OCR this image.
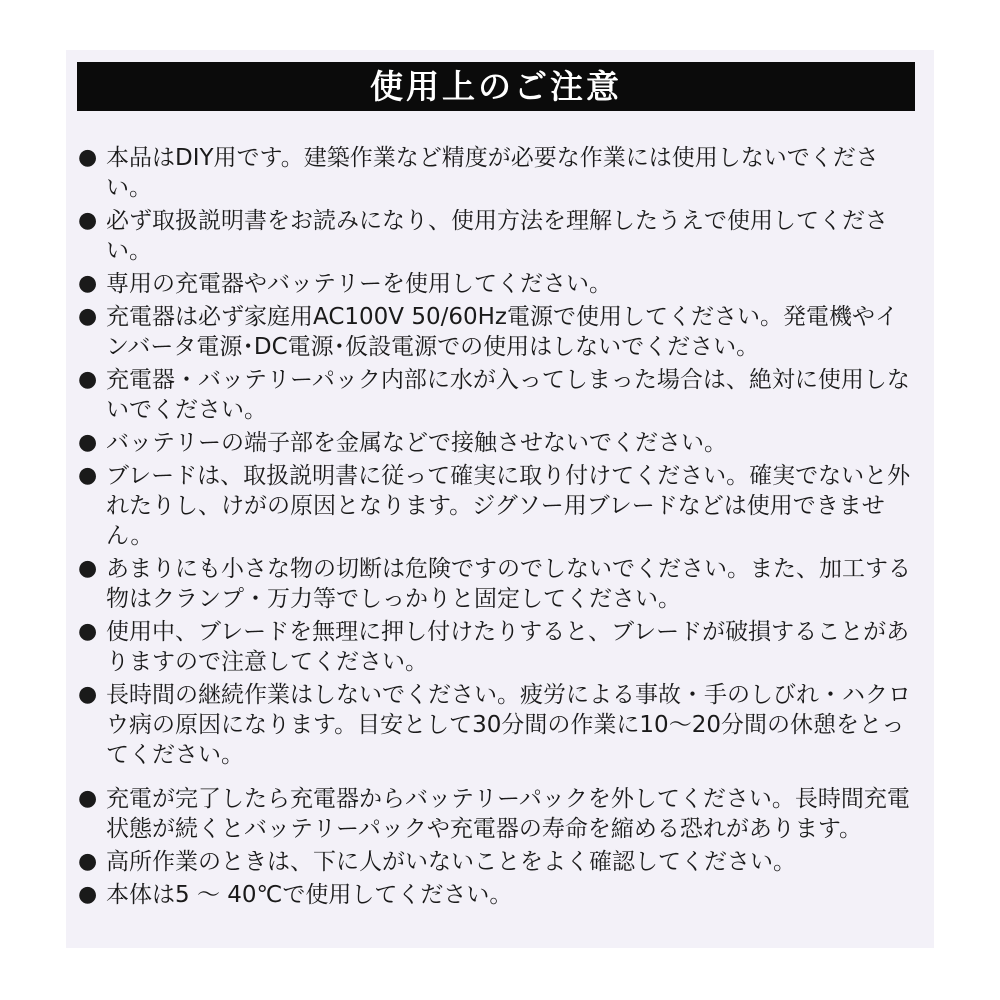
使用上のご注意
● 本品はDIY用です。建築作業など精度が必要な作業には使用しないでください。
● 必ず取扱説明書をお読みになり、使用方法を理解したうえで使用してください。
● 専用の充電器やバッテリーを使用してください。
● 充電器は必ず家庭用AC100V 50/60Hz電源で使用してください。発電機やインバータ電源･DC電源･仮設電源での使用はしないでください。
● 充電器・バッテリーパック内部に水が入ってしまった場合は、絶対に使用しないでください。
● バッテリーの端子部を金属などで接触させないでください。
● ブレードは、取扱説明書に従って確実に取り付けてください。確実でないと外れたりし、けがの原因となります。ジグソー用ブレードなどは使用できません。
● あまりにも小さな物の切断は危険ですのでしないでください。また、加工する物はクランプ・万力等でしっかりと固定してください。
● 使用中、ブレードを無理に押し付けたりすると、ブレードが破損することがありますので注意してください。
● 長時間の継続作業はしないでください。疲労による事故・手のしびれ・ハクロウ病の原因になります。目安として30分間の作業に10～20分間の休憩をとってください。
● 充電が完了したら充電器からバッテリーパックを外してください。長時間充電状態が続くとバッテリーパックや充電器の寿命を縮める恐れがあります。
● 高所作業のときは、下に人がいないことをよく確認してください。
● 本体は5 ～ 40℃で使用してください。
